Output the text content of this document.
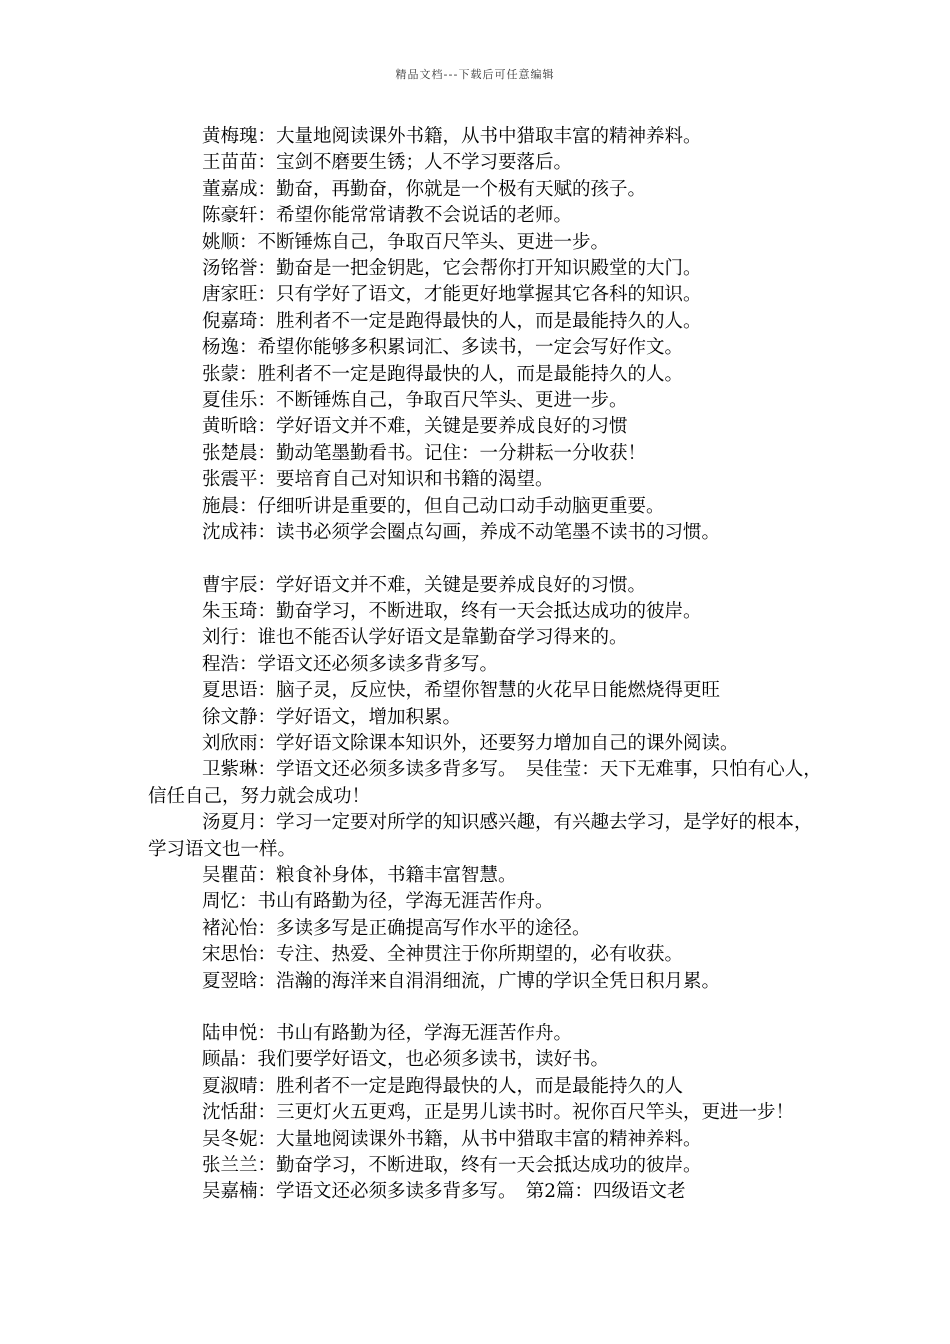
精品文档---下载后可任意编辑

黄梅瑰：大量地阅读课外书籍，从书中猎取丰富的精神养料。

王苗苗：宝剑不磨要生锈；人不学习要落后。

董嘉成：勤奋，再勤奋，你就是一个极有天赋的孩子。

陈豪轩：希望你能常常请教不会说话的老师。

姚顺：不断锤炼自己，争取百尺竿头、更进一步。

汤铭誉：勤奋是一把金钥匙，它会帮你打开知识殿堂的大门。

唐家旺：只有学好了语文，才能更好地掌握其它各科的知识。

倪嘉琦：胜利者不一定是跑得最快的人，而是最能持久的人。

杨逸：希望你能够多积累词汇、多读书，一定会写好作文。

张蒙：胜利者不一定是跑得最快的人，而是最能持久的人。

夏佳乐：不断锤炼自己，争取百尺竿头、更进一步。

黄昕晗：学好语文并不难，关键是要养成良好的习惯

张楚晨：勤动笔墨勤看书。记住：一分耕耘一分收获！

张震平：要培育自己对知识和书籍的渴望。

施晨：仔细听讲是重要的，但自己动口动手动脑更重要。

沈成祎：读书必须学会圈点勾画，养成不动笔墨不读书的习惯。

曹宇辰：学好语文并不难，关键是要养成良好的习惯。

朱玉琦：勤奋学习，不断进取，终有一天会抵达成功的彼岸。

刘行：谁也不能否认学好语文是靠勤奋学习得来的。

程浩：学语文还必须多读多背多写。

夏思语：脑子灵，反应快，希望你智慧的火花早日能燃烧得更旺

徐文静：学好语文，增加积累。

刘欣雨：学好语文除课本知识外，还要努力增加自己的课外阅读。

卫紫琳：学语文还必须多读多背多写。　吴佳莹：天下无难事，只怕有心人，信任自己，努力就会成功！

汤夏月：学习一定要对所学的知识感兴趣，有兴趣去学习，是学好的根本，学习语文也一样。

吴瞿苗：粮食补身体，书籍丰富智慧。

周忆：书山有路勤为径，学海无涯苦作舟。

褚沁怡：多读多写是正确提高写作水平的途径。

宋思怡：专注、热爱、全神贯注于你所期望的，必有收获。

夏翌晗：浩瀚的海洋来自涓涓细流，广博的学识全凭日积月累。

陆申悦：书山有路勤为径，学海无涯苦作舟。

顾晶：我们要学好语文，也必须多读书，读好书。

夏淑晴：胜利者不一定是跑得最快的人，而是最能持久的人

沈恬甜：三更灯火五更鸡，正是男儿读书时。祝你百尺竿头，更进一步！

吴冬妮：大量地阅读课外书籍，从书中猎取丰富的精神养料。

张兰兰：勤奋学习，不断进取，终有一天会抵达成功的彼岸。

吴嘉楠：学语文还必须多读多背多写。　第2篇：四级语文老
